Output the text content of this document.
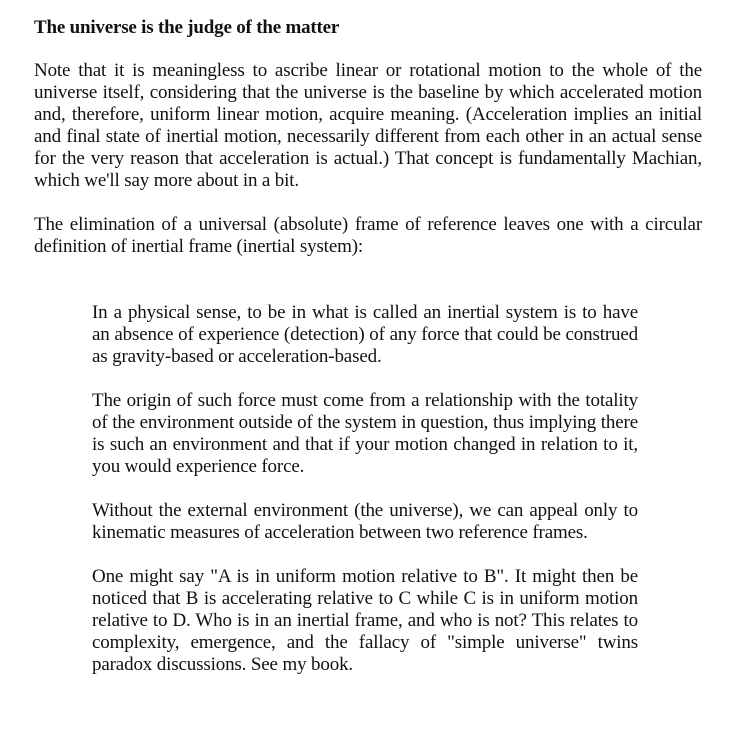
The universe is the judge of the matter

Note that it is meaningless to ascribe linear or rotational motion to the whole of the universe itself, considering that the universe is the baseline by which accelerated motion and, therefore, uniform linear motion, acquire meaning. (Acceleration implies an initial and final state of inertial motion, necessarily different from each other in an actual sense for the very reason that acceleration is actual.) That concept is fundamentally Machian, which we'll say more about in a bit.

The elimination of a universal (absolute) frame of reference leaves one with a circular definition of inertial frame (inertial system):

In a physical sense, to be in what is called an inertial system is to have an absence of experience (detection) of any force that could be construed as gravity-based or acceleration-based.

The origin of such force must come from a relationship with the totality of the environment outside of the system in question, thus implying there is such an environment and that if your motion changed in relation to it, you would experience force.

Without the external environment (the universe), we can appeal only to kinematic measures of acceleration between two reference frames.

One might say "A is in uniform motion relative to B". It might then be noticed that B is accelerating relative to C while C is in uniform motion relative to D. Who is in an inertial frame, and who is not? This relates to complexity, emergence, and the fallacy of "simple universe" twins paradox discussions. See my book.
